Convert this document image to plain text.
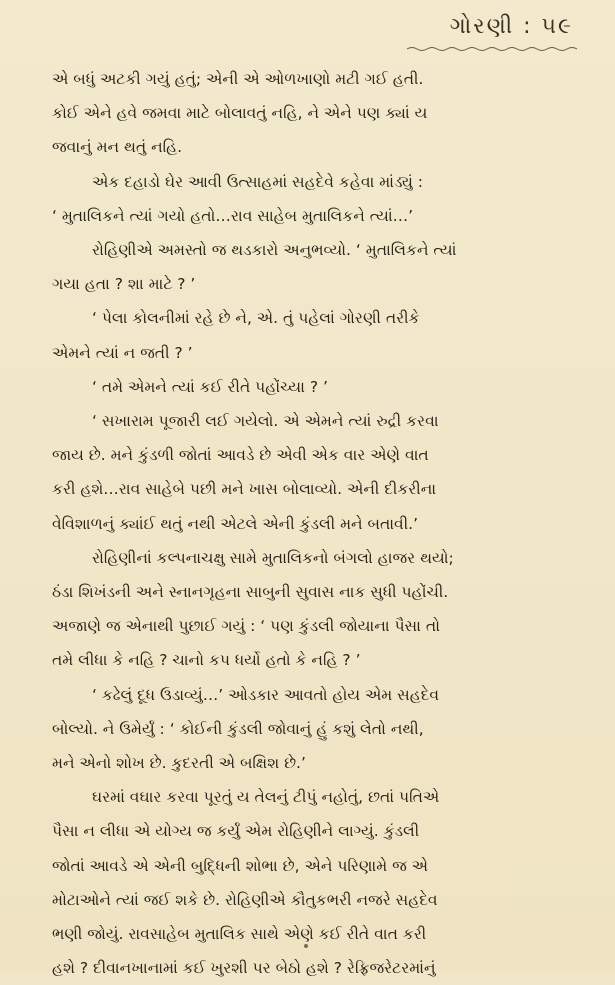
ગોરણી : ૫૯

એ બધું અટકી ગયું હતું; એની એ ઓળખાણો મટી ગઈ હતી.
કોઈ એને હવે જમવા માટે બોલાવતું નહિ, ને એને પણ ક્યાં ય
જવાનું મન થતું નહિ.

એક દહાડો ઘેર આવી ઉત્સાહમાં સહદેવે કહેવા માંડ્યું :

‘ મુતાલિકને ત્યાં ગયો હતો…રાવ સાહેબ મુતાલિકને ત્યાં…’

રોહિણીએ અમસ્તો જ થડકારો અનુભવ્યો. ‘ મુતાલિકને ત્યાં

ગયા હતા ? શા માટે ? ’

‘ પેલા કોલનીમાં રહે છે ને, એ. તું પહેલાં ગોરણી તરીકે

એમને ત્યાં ન જતી ? ’

‘ તમે એમને ત્યાં કઈ રીતે પહોંચ્યા ? ’

‘ સખારામ પૂજારી લઈ ગયેલો. એ એમને ત્યાં રુદ્રી કરવા

જાય છે. મને કુંડળી જોતાં આવડે છે એવી એક વાર એણે વાત
કરી હશે…રાવ સાહેબે પછી મને ખાસ બોલાવ્યો. એની દીકરીના
વેવિશાળનું ક્યાંઈ થતું નથી એટલે એની કુંડલી મને બતાવી.’

રોહિણીનાં કલ્પનાચક્ષુ સામે મુતાલિકનો બંગલો હાજર થયો;

ઠંડા શિખંડની અને સ્નાનગૃહના સાબુની સુવાસ નાક સુધી પહોંચી.
અજાણે જ એનાથી પુછાઈ ગયું : ‘ પણ કુંડલી જોયાના પૈસા તો
તમે લીધા કે નહિ ? ચાનો કપ ધર્યો હતો કે નહિ ? ’

‘ કઢેલું દૂધ ઉડાવ્યું…’ ઓડકાર આવતો હોય એમ સહદેવ

બોલ્યો. ને ઉમેર્યું : ‘ કોઈની કુંડલી જોવાનું હું કશું લેતો નથી,
મને એનો શોખ છે. કુદરતી એ બક્ષિશ છે.’

ઘરમાં વઘાર કરવા પૂરતું ય તેલનું ટીપું નહોતું, છતાં પતિએ

પૈસા ન લીધા એ યોગ્ય જ કર્યું એમ રોહિણીને લાગ્યું. કુંડલી
જોતાં આવડે એ એની બુદ્ધિની શોભા છે, એને પરિણામે જ એ
મોટાઓને ત્યાં જઈ શકે છે. રોહિણીએ કૌતુકભરી નજરે સહદેવ
ભણી જોયું. રાવસાહેબ મુતાલિક સાથે એણે કઈ રીતે વાત કરી
હશે ? દીવાનખાનામાં કઈ ખુરશી પર બેઠો હશે ? રેફ્રિજરેટરમાંનું
